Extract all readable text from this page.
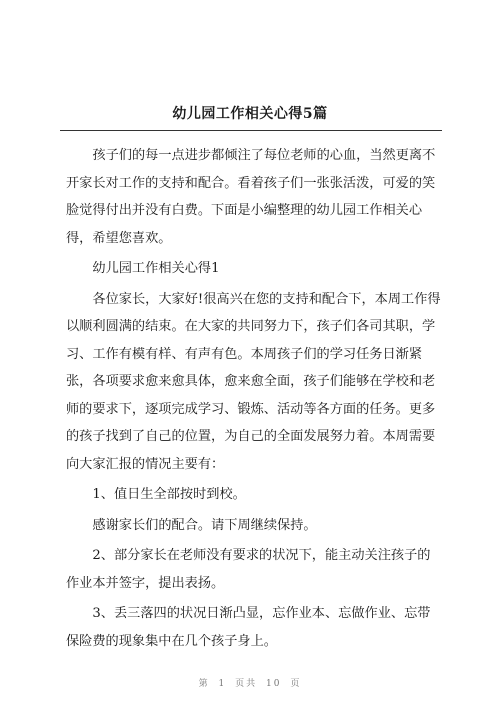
幼儿园工作相关心得5篇

孩子们的每一点进步都倾注了每位老师的心血，当然更离不开家长对工作的支持和配合。看着孩子们一张张活泼，可爱的笑脸觉得付出并没有白费。下面是小编整理的幼儿园工作相关心得，希望您喜欢。

幼儿园工作相关心得1

各位家长，大家好!很高兴在您的支持和配合下，本周工作得以顺利圆满的结束。在大家的共同努力下，孩子们各司其职，学习、工作有模有样、有声有色。本周孩子们的学习任务日渐紧张，各项要求愈来愈具体，愈来愈全面，孩子们能够在学校和老师的要求下，逐项完成学习、锻炼、活动等各方面的任务。更多的孩子找到了自己的位置，为自己的全面发展努力着。本周需要向大家汇报的情况主要有：

1、值日生全部按时到校。

感谢家长们的配合。请下周继续保持。

2、部分家长在老师没有要求的状况下，能主动关注孩子的作业本并签字，提出表扬。

3、丢三落四的状况日渐凸显，忘作业本、忘做作业、忘带保险费的现象集中在几个孩子身上。

第 1 页共 10 页
